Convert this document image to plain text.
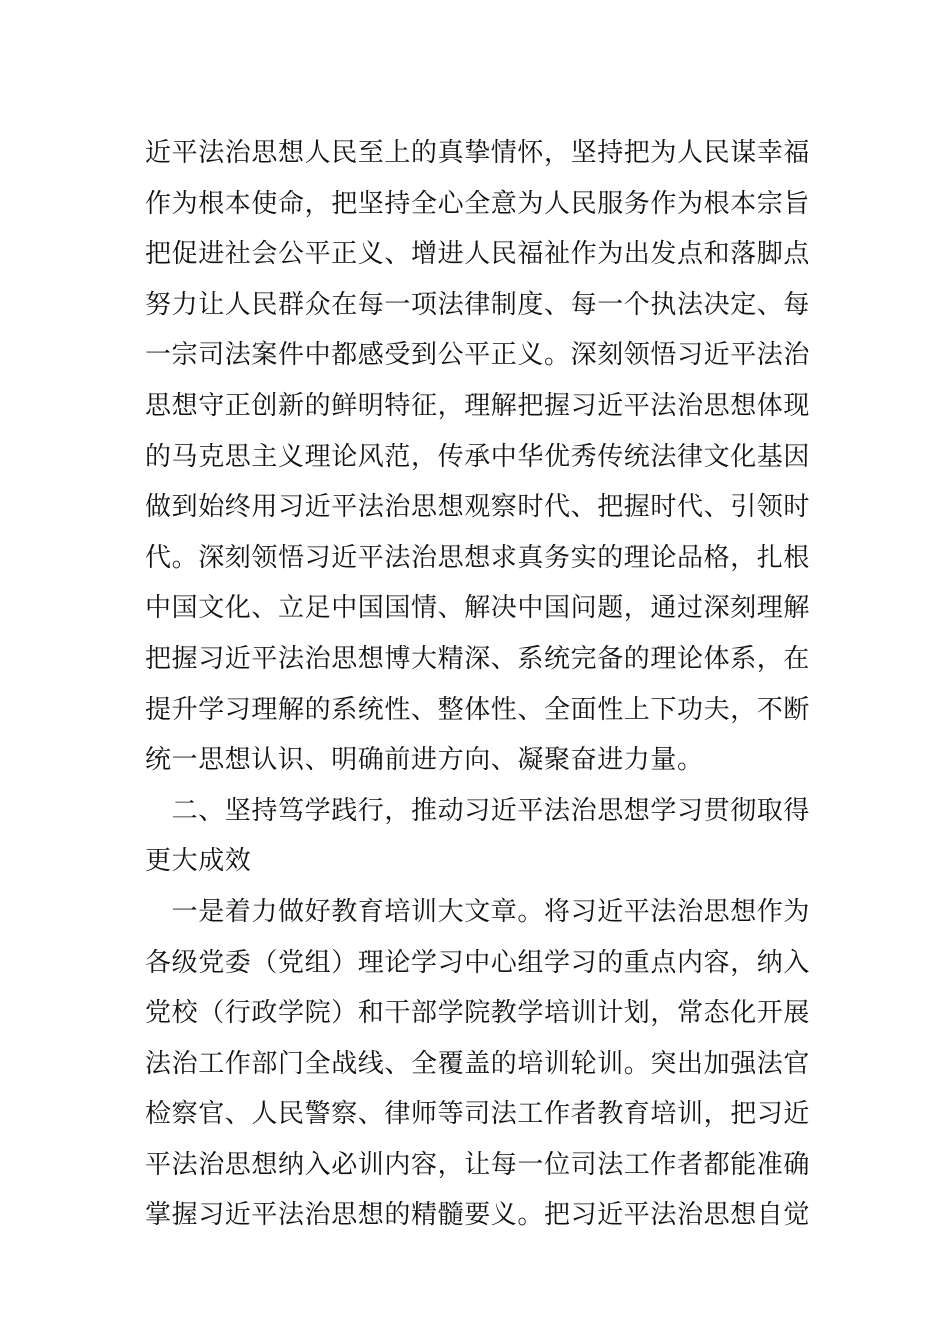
近平法治思想人民至上的真挚情怀，坚持把为人民谋幸福
作为根本使命，把坚持全心全意为人民服务作为根本宗旨
把促进社会公平正义、增进人民福祉作为出发点和落脚点
努力让人民群众在每一项法律制度、每一个执法决定、每
一宗司法案件中都感受到公平正义。深刻领悟习近平法治
思想守正创新的鲜明特征，理解把握习近平法治思想体现
的马克思主义理论风范，传承中华优秀传统法律文化基因
做到始终用习近平法治思想观察时代、把握时代、引领时
代。深刻领悟习近平法治思想求真务实的理论品格，扎根
中国文化、立足中国国情、解决中国问题，通过深刻理解
把握习近平法治思想博大精深、系统完备的理论体系，在
提升学习理解的系统性、整体性、全面性上下功夫，不断
统一思想认识、明确前进方向、凝聚奋进力量。
　二、坚持笃学践行，推动习近平法治思想学习贯彻取得
更大成效
　一是着力做好教育培训大文章。将习近平法治思想作为
各级党委（党组）理论学习中心组学习的重点内容，纳入
党校（行政学院）和干部学院教学培训计划，常态化开展
法治工作部门全战线、全覆盖的培训轮训。突出加强法官
检察官、人民警察、律师等司法工作者教育培训，把习近
平法治思想纳入必训内容，让每一位司法工作者都能准确
掌握习近平法治思想的精髓要义。把习近平法治思想自觉
